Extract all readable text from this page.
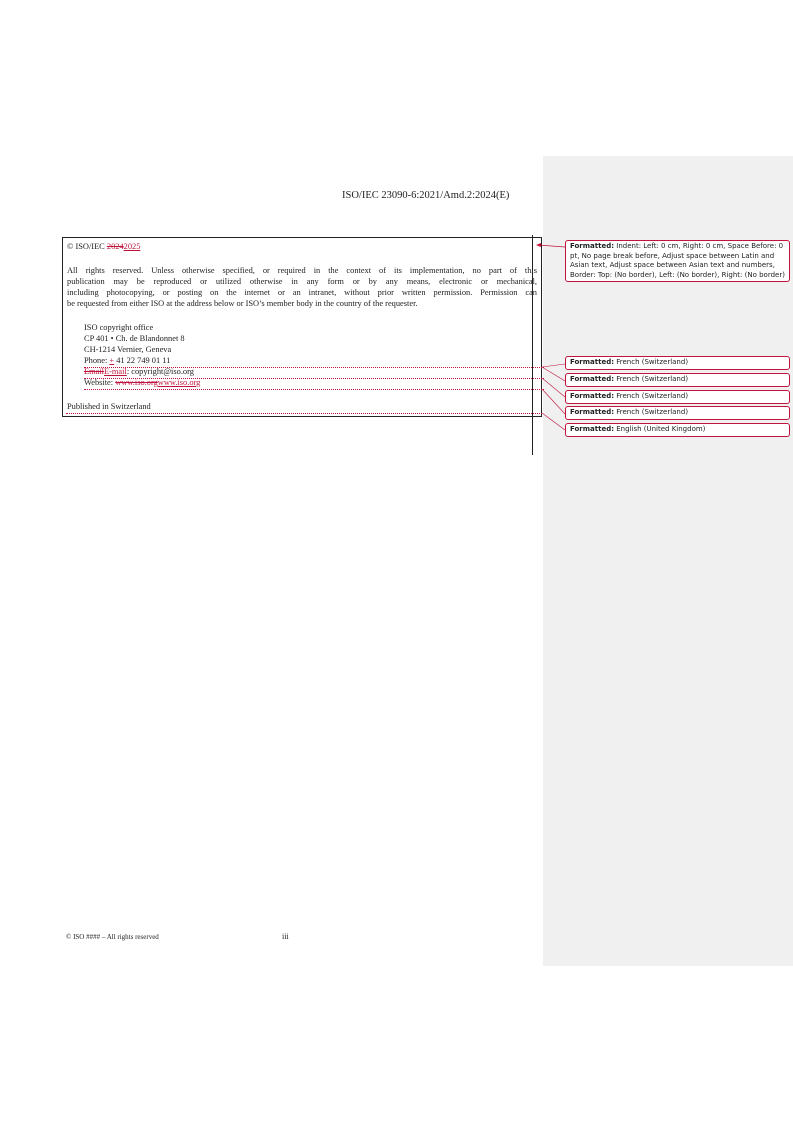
ISO/IEC 23090-6:2021/Amd.2:2024(E)
© ISO/IEC 20242025
All rights reserved. Unless otherwise specified, or required in the context of its implementation, no part of this
publication may be reproduced or utilized otherwise in any form or by any means, electronic or mechanical,
including photocopying, or posting on the internet or an intranet, without prior written permission. Permission can
be requested from either ISO at the address below or ISO’s member body in the country of the requester.
ISO copyright office
CP 401 • Ch. de Blandonnet 8
CH-1214 Vernier, Geneva
Phone: + 41 22 749 01 11
EmailE-mail: copyright@iso.org
Website: www.iso.orgwww.iso.org
Published in Switzerland
Formatted: Indent: Left: 0 cm, Right: 0 cm, Space Before: 0 pt, No page break before, Adjust space between Latin and Asian text, Adjust space between Asian text and numbers, Border: Top: (No border), Left: (No border), Right: (No border)
Formatted: French (Switzerland)
Formatted: French (Switzerland)
Formatted: French (Switzerland)
Formatted: French (Switzerland)
Formatted: English (United Kingdom)
© ISO #### – All rights reserved	iii
